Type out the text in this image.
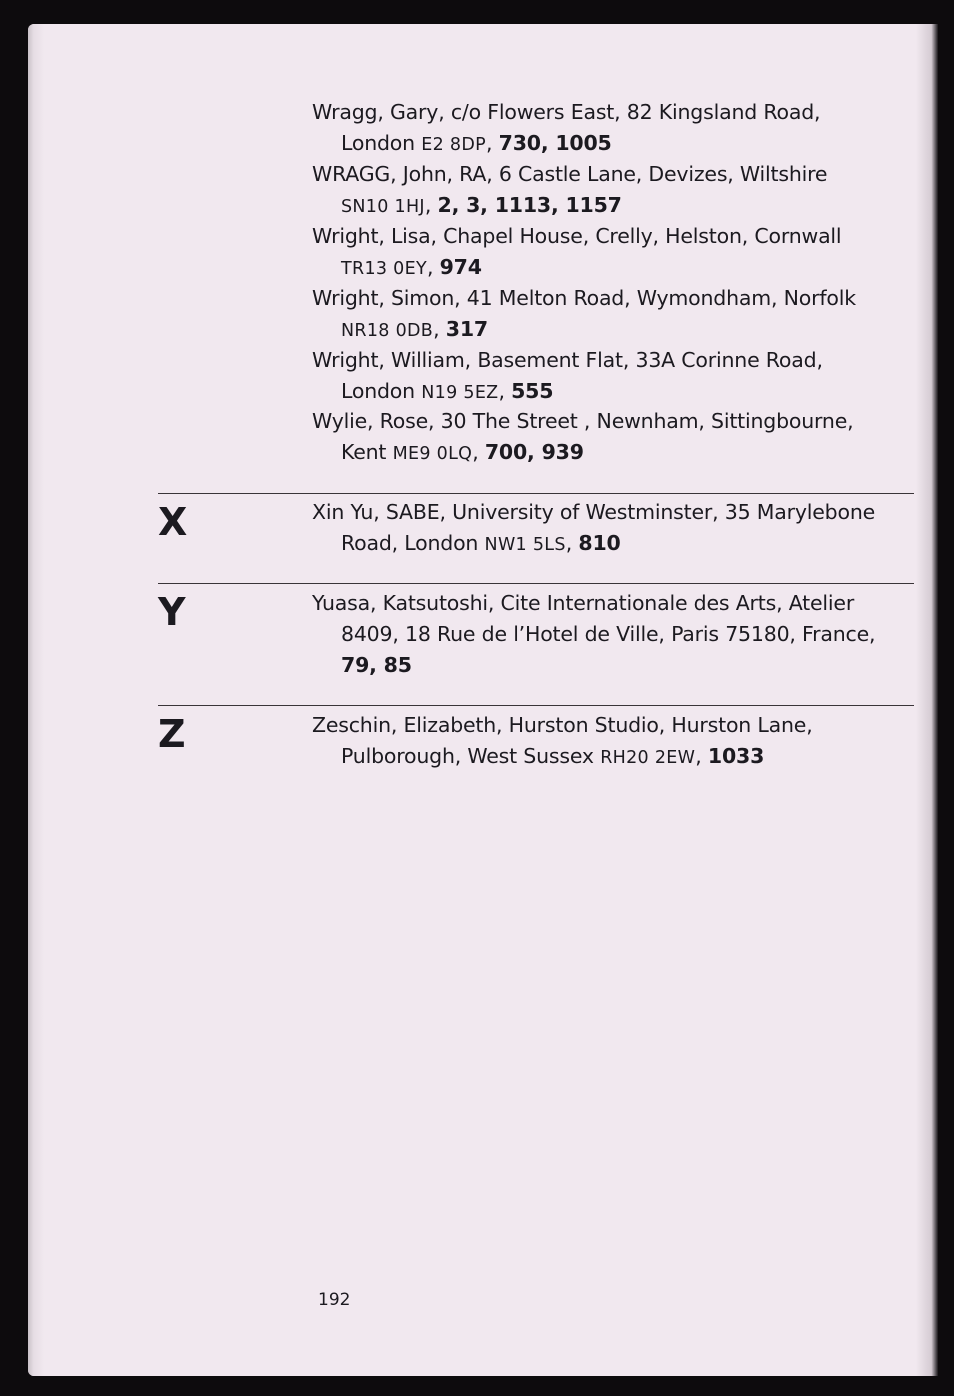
Wragg, Gary, c/o Flowers East, 82 Kingsland Road,
London E2 8DP, 730, 1005
WRAGG, John, RA, 6 Castle Lane, Devizes, Wiltshire
SN10 1HJ, 2, 3, 1113, 1157
Wright, Lisa, Chapel House, Crelly, Helston, Cornwall
TR13 0EY, 974
Wright, Simon, 41 Melton Road, Wymondham, Norfolk
NR18 0DB, 317
Wright, William, Basement Flat, 33A Corinne Road,
London N19 5EZ, 555
Wylie, Rose, 30 The Street , Newnham, Sittingbourne,
Kent ME9 0LQ, 700, 939
X	Xin Yu, SABE, University of Westminster, 35 Marylebone
Road, London NW1 5LS, 810
Y	Yuasa, Katsutoshi, Cite Internationale des Arts, Atelier
8409, 18 Rue de l’Hotel de Ville, Paris 75180, France,
79, 85
Z	Zeschin, Elizabeth, Hurston Studio, Hurston Lane,
Pulborough, West Sussex RH20 2EW, 1033
192
